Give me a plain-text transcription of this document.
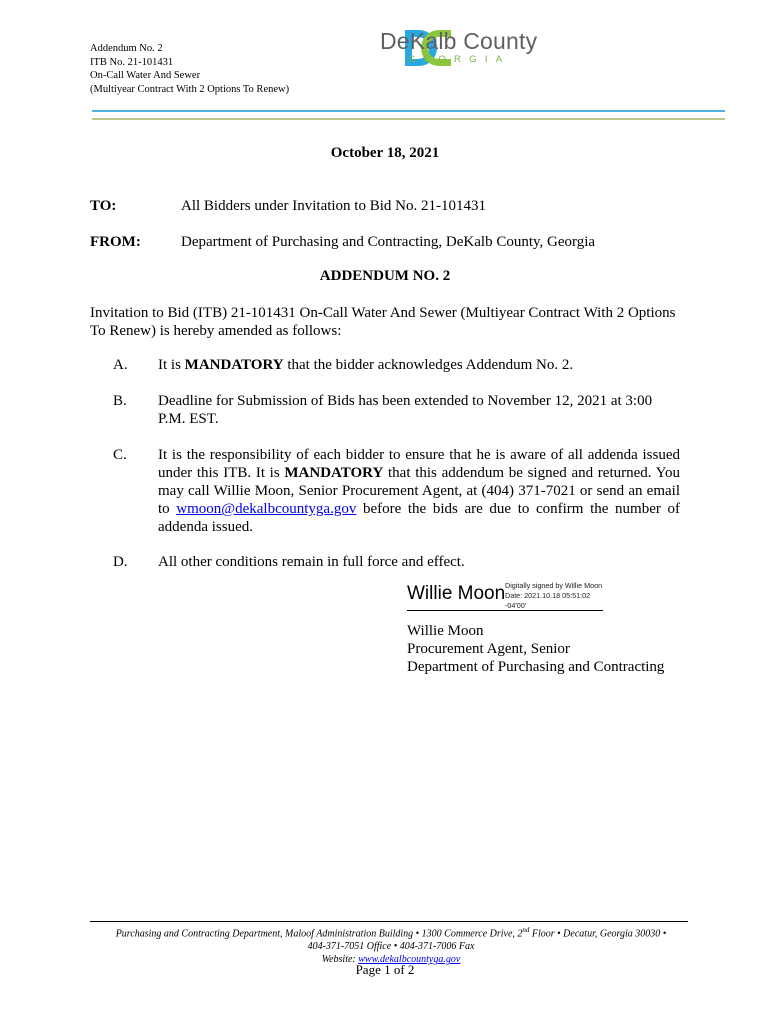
Addendum No. 2
ITB No. 21-101431
On-Call Water And Sewer
(Multiyear Contract With 2 Options To Renew)
DeKalb County
GEORGIA
October 18, 2021
TO:	All Bidders under Invitation to Bid No. 21-101431
FROM:	Department of Purchasing and Contracting, DeKalb County, Georgia
ADDENDUM NO. 2
Invitation to Bid (ITB) 21-101431 On-Call Water And Sewer (Multiyear Contract With 2 Options To Renew) is hereby amended as follows:
A. It is MANDATORY that the bidder acknowledges Addendum No. 2.
B. Deadline for Submission of Bids has been extended to November 12, 2021 at 3:00 P.M. EST.
C. It is the responsibility of each bidder to ensure that he is aware of all addenda issued under this ITB. It is MANDATORY that this addendum be signed and returned. You may call Willie Moon, Senior Procurement Agent, at (404) 371-7021 or send an email to wmoon@dekalbcountyga.gov before the bids are due to confirm the number of addenda issued.
D. All other conditions remain in full force and effect.
Willie Moon Digitally signed by Willie Moon
Date: 2021.10.18 05:51:02
-04'00'
Willie Moon
Procurement Agent, Senior
Department of Purchasing and Contracting
Purchasing and Contracting Department, Maloof Administration Building • 1300 Commerce Drive, 2nd Floor • Decatur, Georgia 30030 •
404-371-7051 Office • 404-371-7006 Fax
Website: www.dekalbcountyga.gov
Page 1 of 2
